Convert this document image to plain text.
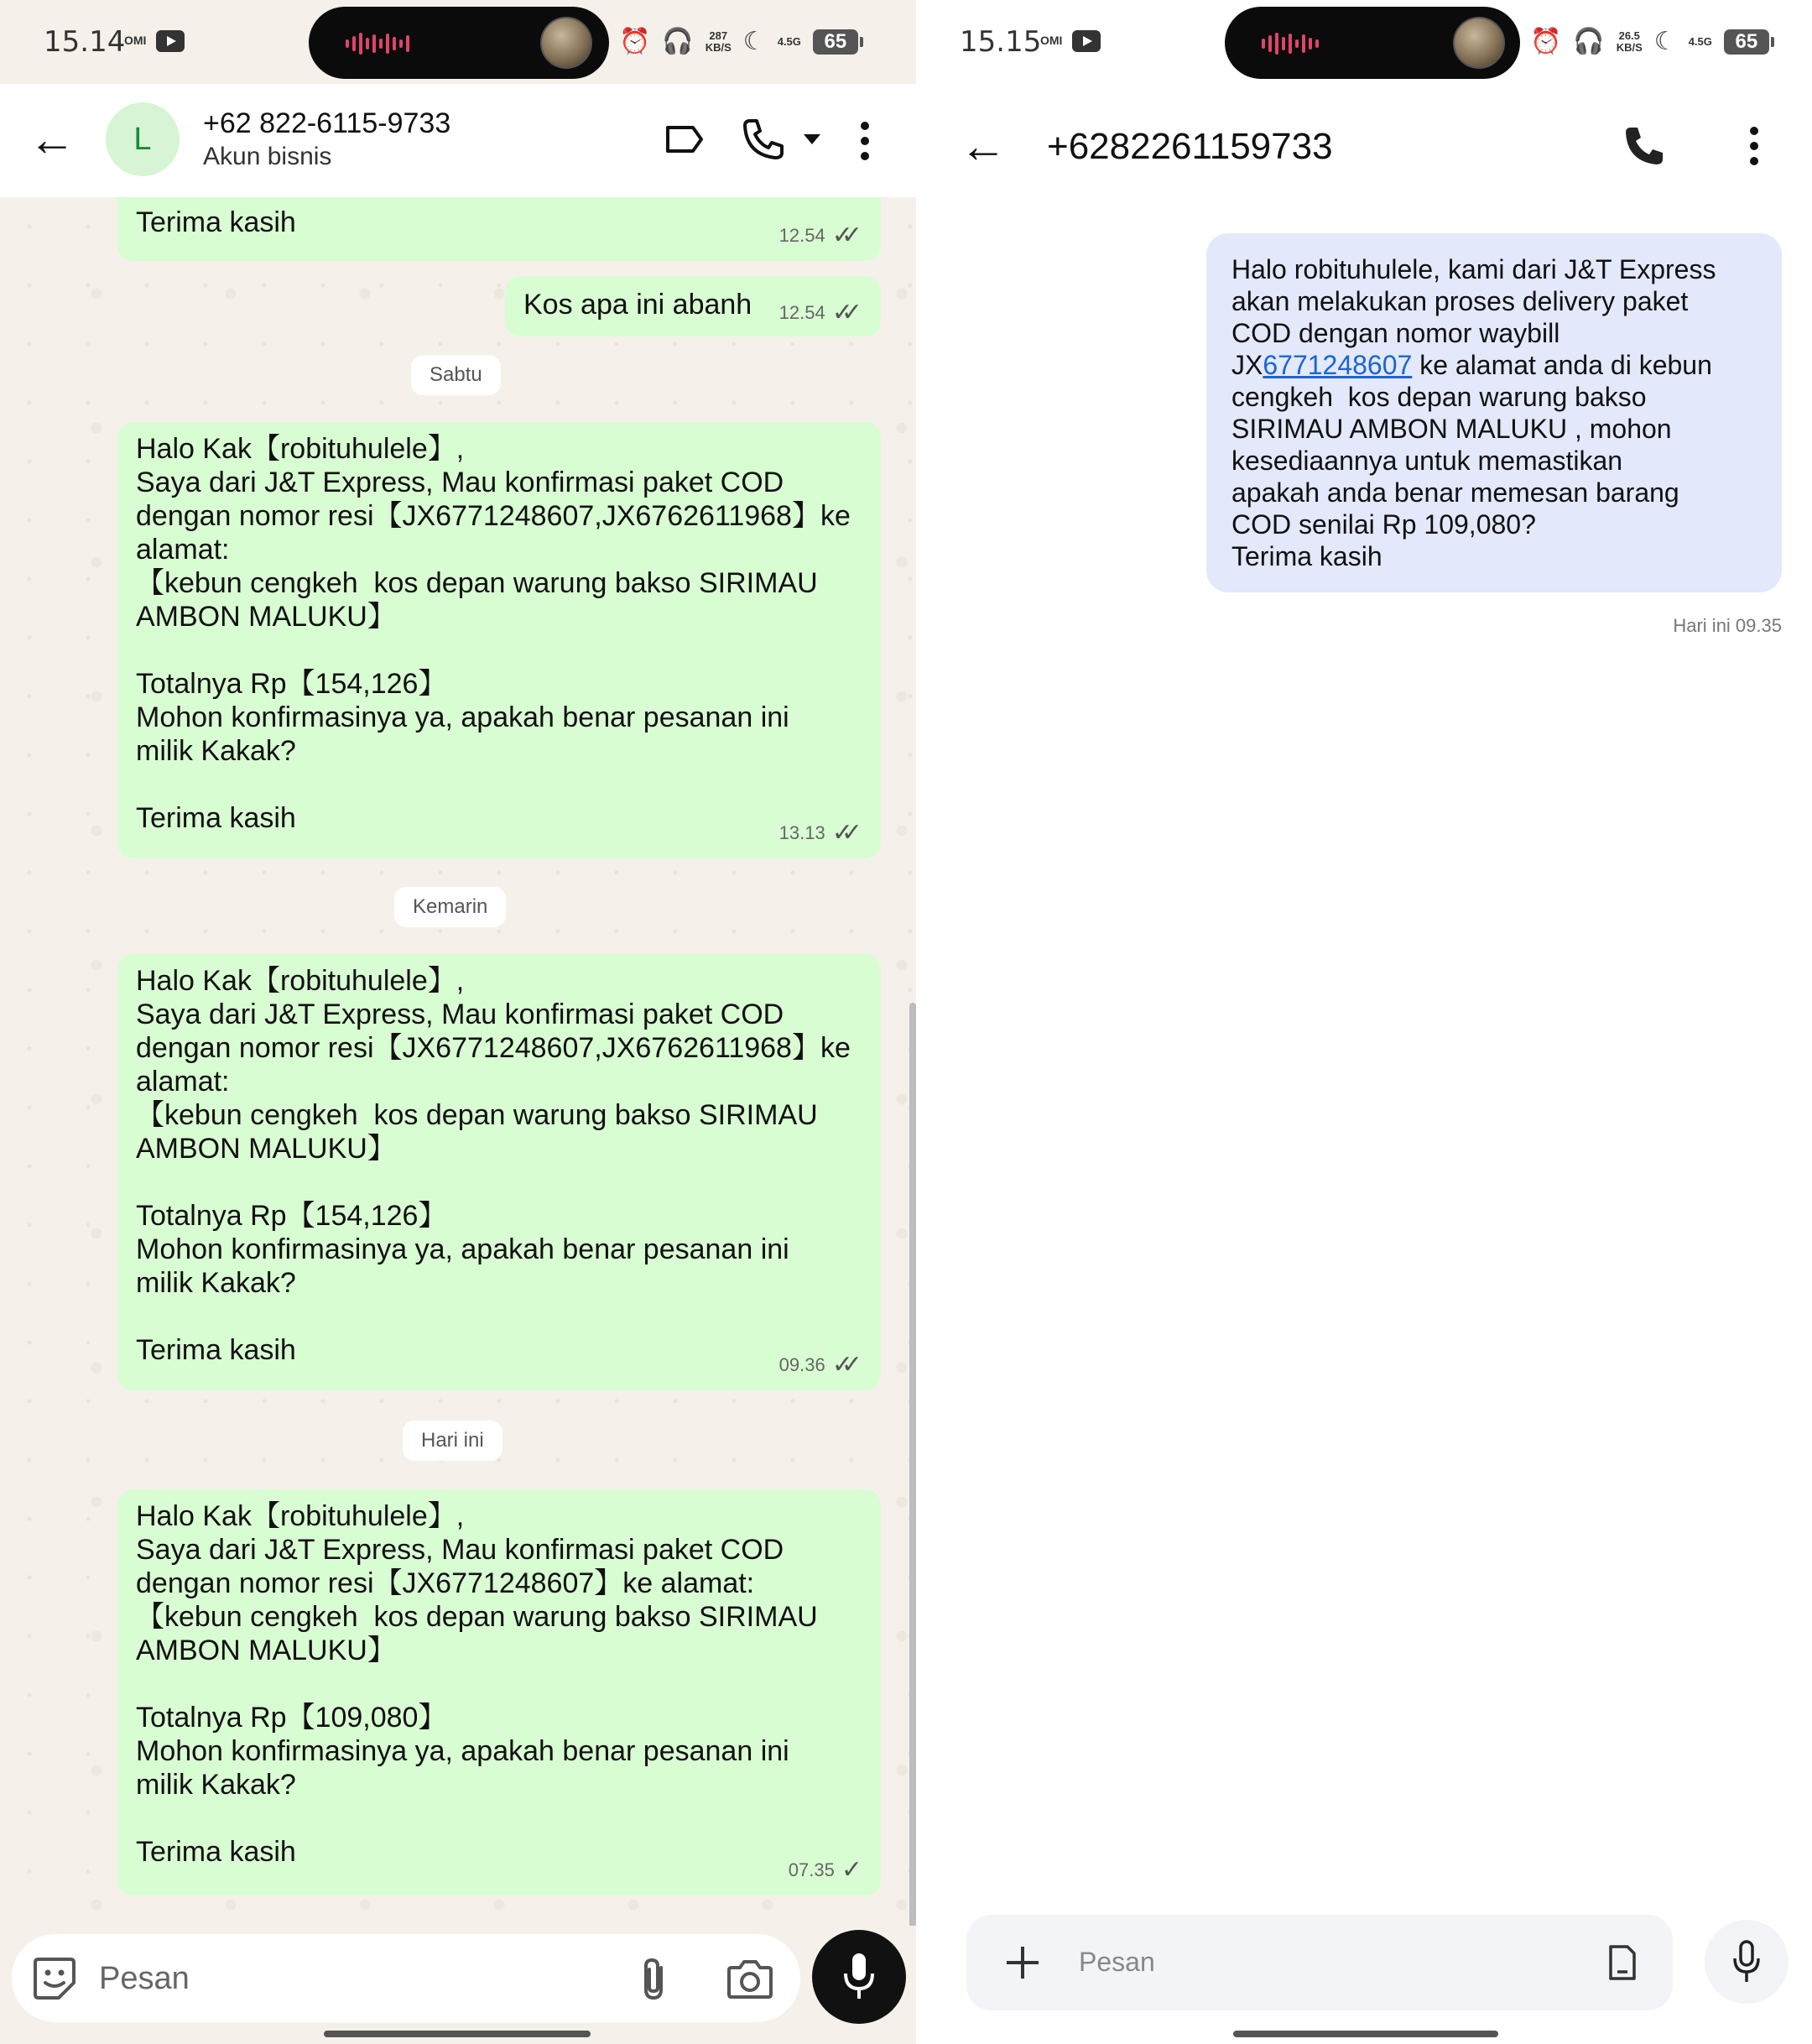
15.14
OMI	⏰ 🎧	287
KB/S ☾ 4.5G	65
←	L	+62 822-6115-9733
Akun bisnis
Terima kasih	12.54 ✓✓
Kos apa ini abanh	12.54 ✓✓
Sabtu
Halo Kak【robituhulele】,
Saya dari J&T Express, Mau konfirmasi paket COD
dengan nomor resi【JX6771248607,JX6762611968】ke
alamat:
【kebun cengkeh  kos depan warung bakso SIRIMAU
AMBON MALUKU】
Totalnya Rp【154,126】
Mohon konfirmasinya ya, apakah benar pesanan ini
milik Kakak?
Terima kasih	13.13 ✓✓
Kemarin
Halo Kak【robituhulele】,
Saya dari J&T Express, Mau konfirmasi paket COD
dengan nomor resi【JX6771248607,JX6762611968】ke
alamat:
【kebun cengkeh  kos depan warung bakso SIRIMAU
AMBON MALUKU】
Totalnya Rp【154,126】
Mohon konfirmasinya ya, apakah benar pesanan ini
milik Kakak?
Terima kasih	09.36 ✓✓
Hari ini
Halo Kak【robituhulele】,
Saya dari J&T Express, Mau konfirmasi paket COD
dengan nomor resi【JX6771248607】ke alamat:
【kebun cengkeh  kos depan warung bakso SIRIMAU
AMBON MALUKU】
Totalnya Rp【109,080】
Mohon konfirmasinya ya, apakah benar pesanan ini
milik Kakak?
Terima kasih
07.35 ✓
Pesan
15.15
OMI	⏰ 🎧 26.5
KB/S ☾ 4.5G	65
← +6282261159733
Halo robituhulele, kami dari J&T Express
akan melakukan proses delivery paket
COD dengan nomor waybill
JX6771248607 ke alamat anda di kebun
cengkeh  kos depan warung bakso
SIRIMAU AMBON MALUKU , mohon
kesediaannya untuk memastikan
apakah anda benar memesan barang
COD senilai Rp 109,080?
Terima kasih
Hari ini 09.35
Pesan
